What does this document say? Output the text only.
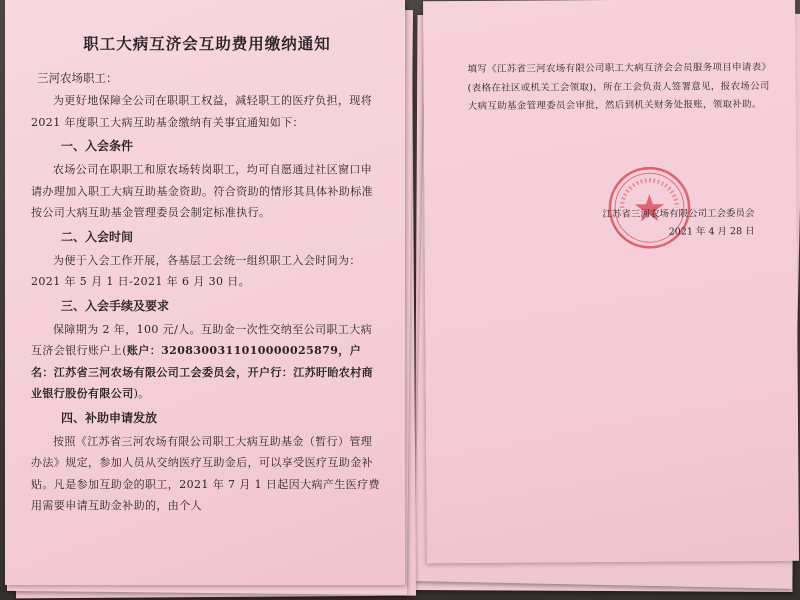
填写《江苏省三河农场有限公司职工大病互济会会员服务项目申请表》(表格在社区或机关工会领取)，所在工会负责人签署意见，报农场公司大病互助基金管理委员会审批，然后到机关财务处报账，领取补助。

江苏省三河农场有限公司工会委员会
2021 年 4 月 28 日
职工大病互济会互助费用缴纳通知

三河农场职工：

为更好地保障全公司在职职工权益，减轻职工的医疗负担，现将 2021 年度职工大病互助基金缴纳有关事宜通知如下：

一、入会条件

农场公司在职职工和原农场转岗职工，均可自愿通过社区窗口申请办理加入职工大病互助基金资助。符合资助的情形其具体补助标准按公司大病互助基金管理委员会制定标准执行。

二、入会时间

为便于入会工作开展，各基层工会统一组织职工入会时间为：2021 年 5 月 1 日-2021 年 6 月 30 日。

三、入会手续及要求

保障期为 2 年，100 元/人。互助金一次性交纳至公司职工大病互济会银行账户上(账户：3208300311010000025879，户名：江苏省三河农场有限公司工会委员会，开户行：江苏盱眙农村商业银行股份有限公司)。

四、补助申请发放

按照《江苏省三河农场有限公司职工大病互助基金（暂行）管理办法》规定，参加人员从交纳医疗互助金后，可以享受医疗互助金补贴。凡是参加互助金的职工，2021 年 7 月 1 日起因大病产生医疗费用需要申请互助金补助的，由个人
